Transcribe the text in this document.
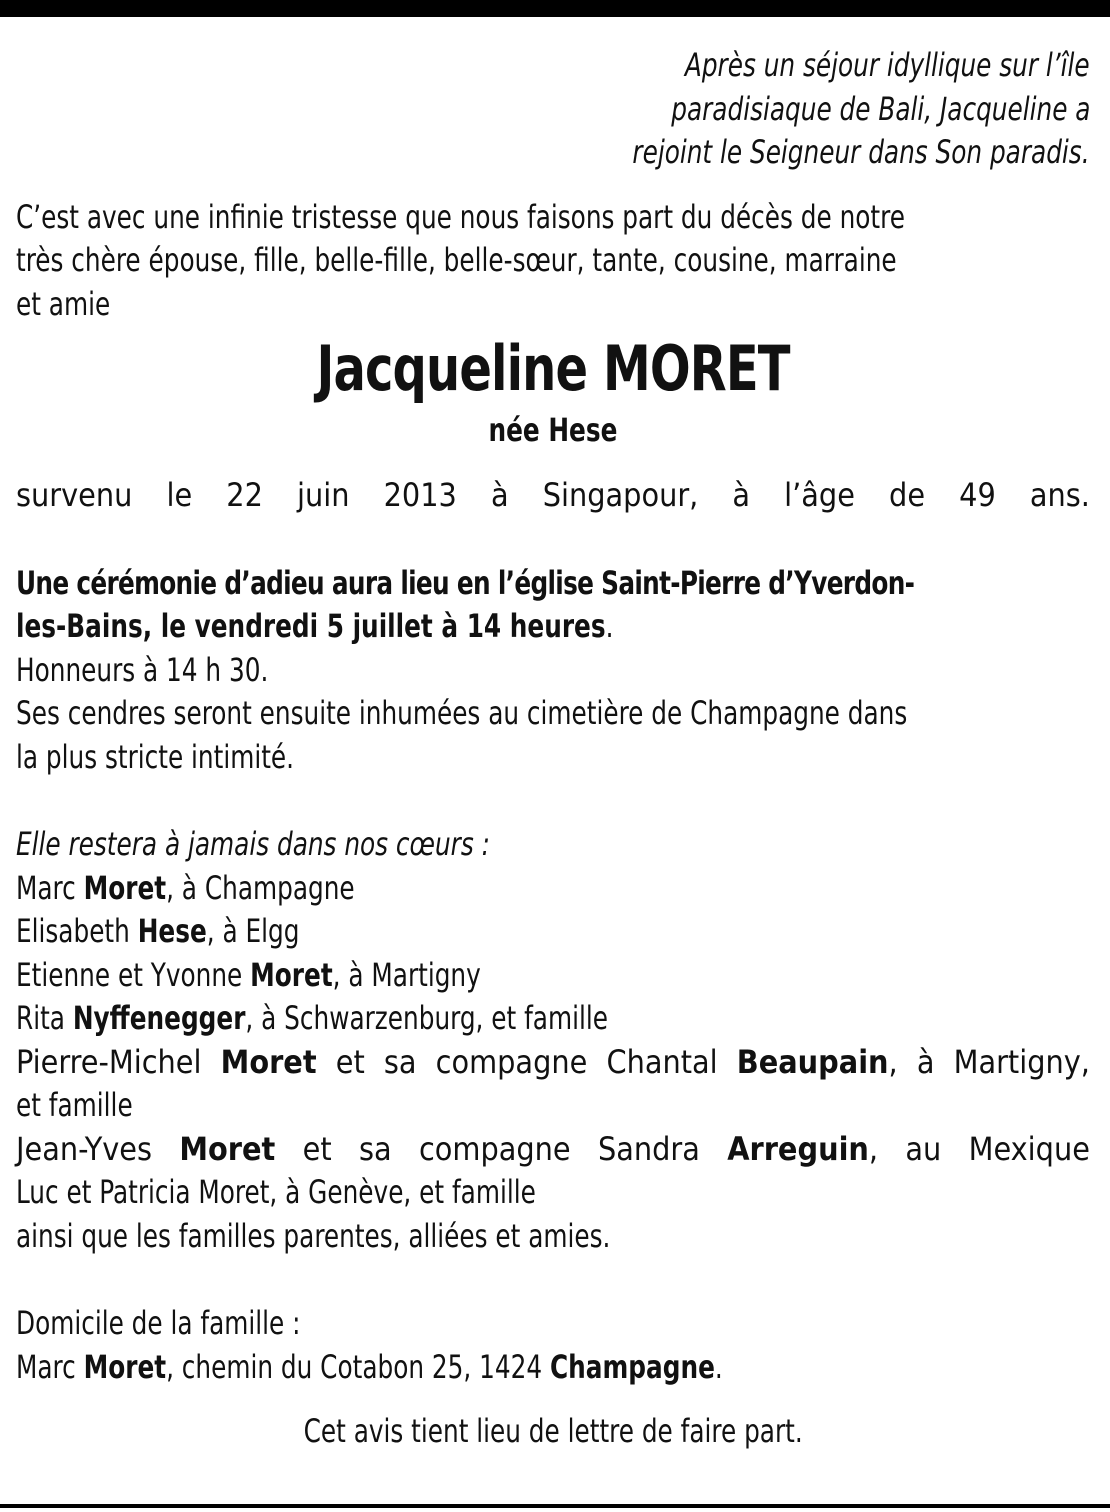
Après un séjour idyllique sur l’île
paradisiaque de Bali, Jacqueline a
rejoint le Seigneur dans Son paradis.
C’est avec une infinie tristesse que nous faisons part du décès de notre
très chère épouse, fille, belle-fille, belle-sœur, tante, cousine, marraine
et amie
Jacqueline MORET
née Hese
survenu le 22 juin 2013 à Singapour, à l’âge de 49 ans.
Une cérémonie d’adieu aura lieu en l’église Saint-Pierre d’Yverdon-
les-Bains, le vendredi 5 juillet à 14 heures.
Honneurs à 14 h 30.
Ses cendres seront ensuite inhumées au cimetière de Champagne dans
la plus stricte intimité.
Elle restera à jamais dans nos cœurs :
Marc Moret, à Champagne
Elisabeth Hese, à Elgg
Etienne et Yvonne Moret, à Martigny
Rita Nyffenegger, à Schwarzenburg, et famille
Pierre-Michel Moret et sa compagne Chantal Beaupain, à Martigny,
et famille
Jean-Yves Moret et sa compagne Sandra Arreguin, au Mexique
Luc et Patricia Moret, à Genève, et famille
ainsi que les familles parentes, alliées et amies.
Domicile de la famille :
Marc Moret, chemin du Cotabon 25, 1424 Champagne.
Cet avis tient lieu de lettre de faire part.
